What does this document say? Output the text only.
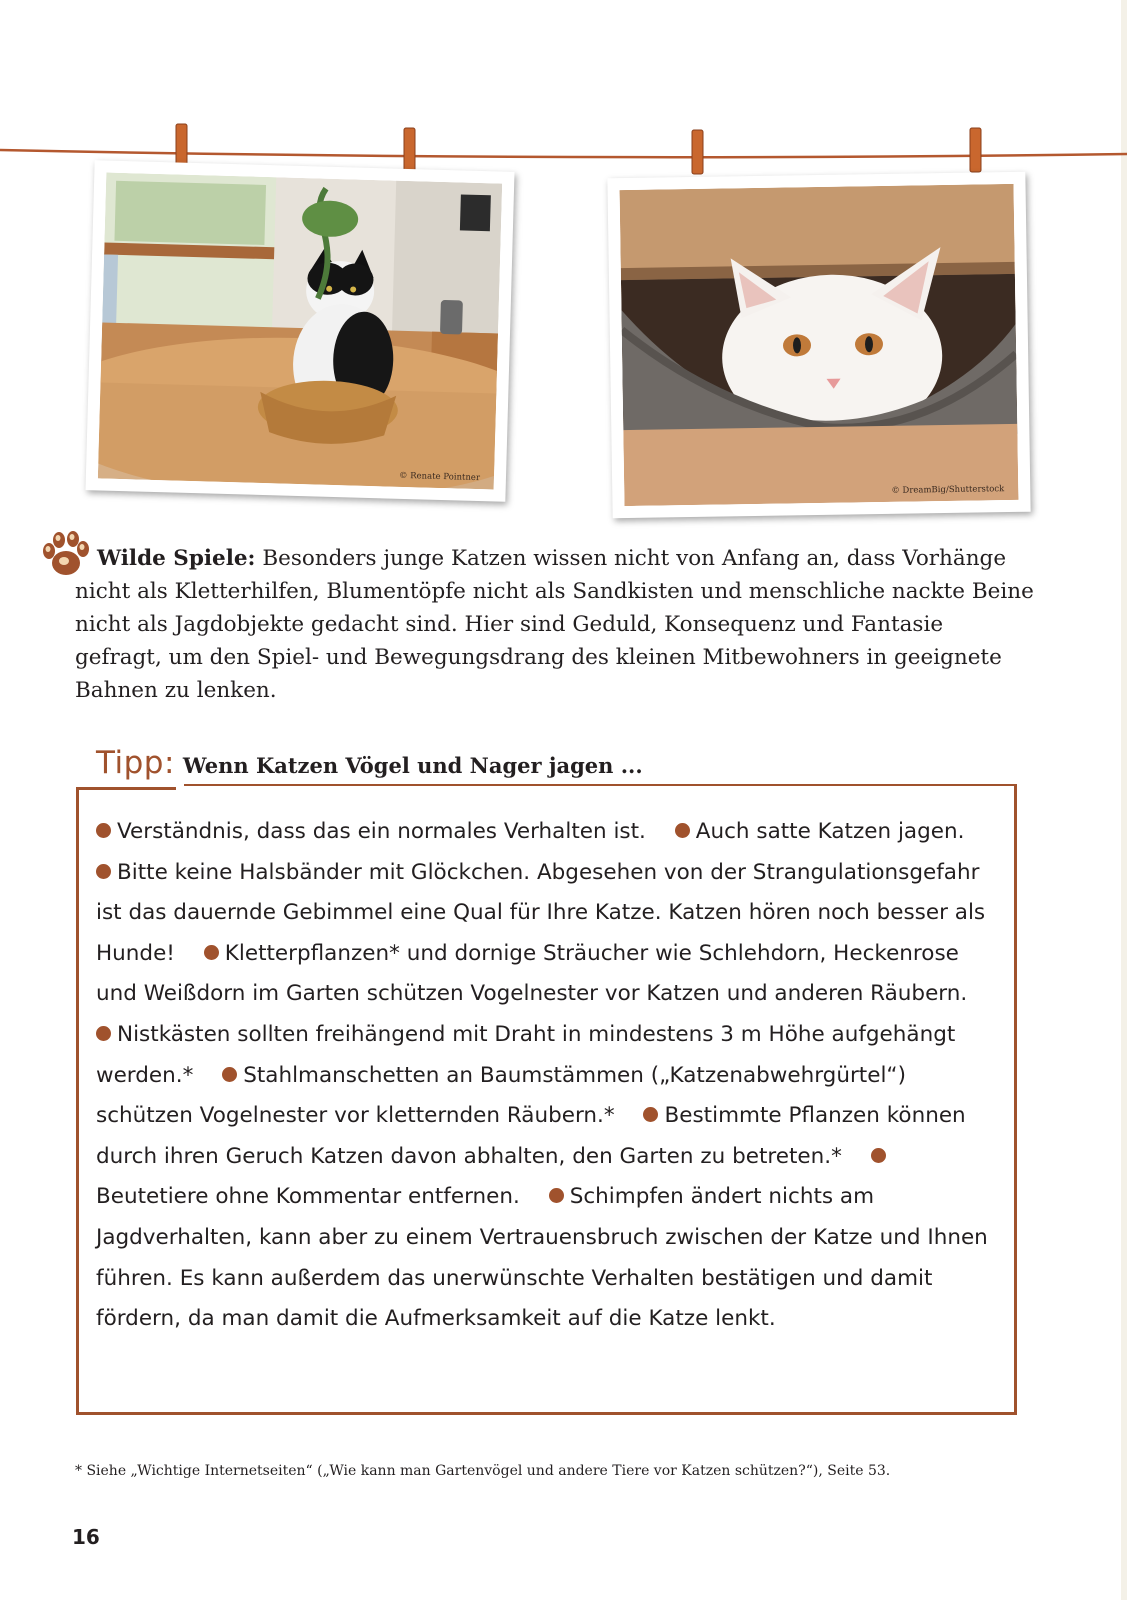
© Renate Pointner
© DreamBig/Shutterstock

Wilde Spiele: Besonders junge Katzen wissen nicht von Anfang an, dass Vorhänge nicht als Kletterhilfen, Blumentöpfe nicht als Sandkisten und menschliche nackte Beine nicht als Jagdobjekte gedacht sind. Hier sind Geduld, Konsequenz und Fantasie gefragt, um den Spiel- und Bewegungsdrang des kleinen Mitbewohners in geeignete Bahnen zu lenken.

Tipp: Wenn Katzen Vögel und Nager jagen ...

Verständnis, dass das ein normales Verhalten ist. Auch satte Katzen jagen. Bitte keine Halsbänder mit Glöckchen. Abgesehen von der Strangulationsgefahr ist das dauernde Gebimmel eine Qual für Ihre Katze. Katzen hören noch besser als Hunde! Kletterpflanzen* und dornige Sträucher wie Schlehdorn, Heckenrose und Weißdorn im Garten schützen Vogelnester vor Katzen und anderen Räubern. Nistkästen sollten freihängend mit Draht in mindestens 3 m Höhe aufgehängt werden.* Stahlmanschetten an Baumstämmen („Katzenabwehrgürtel“) schützen Vogelnester vor kletternden Räubern.* Bestimmte Pflanzen können durch ihren Geruch Katzen davon abhalten, den Garten zu betreten.* Beutetiere ohne Kommentar entfernen. Schimpfen ändert nichts am Jagdverhalten, kann aber zu einem Vertrauensbruch zwischen der Katze und Ihnen führen. Es kann außerdem das unerwünschte Verhalten bestätigen und damit fördern, da man damit die Aufmerksamkeit auf die Katze lenkt.

* Siehe „Wichtige Internetseiten“ („Wie kann man Gartenvögel und andere Tiere vor Katzen schützen?“), Seite 53.

16
